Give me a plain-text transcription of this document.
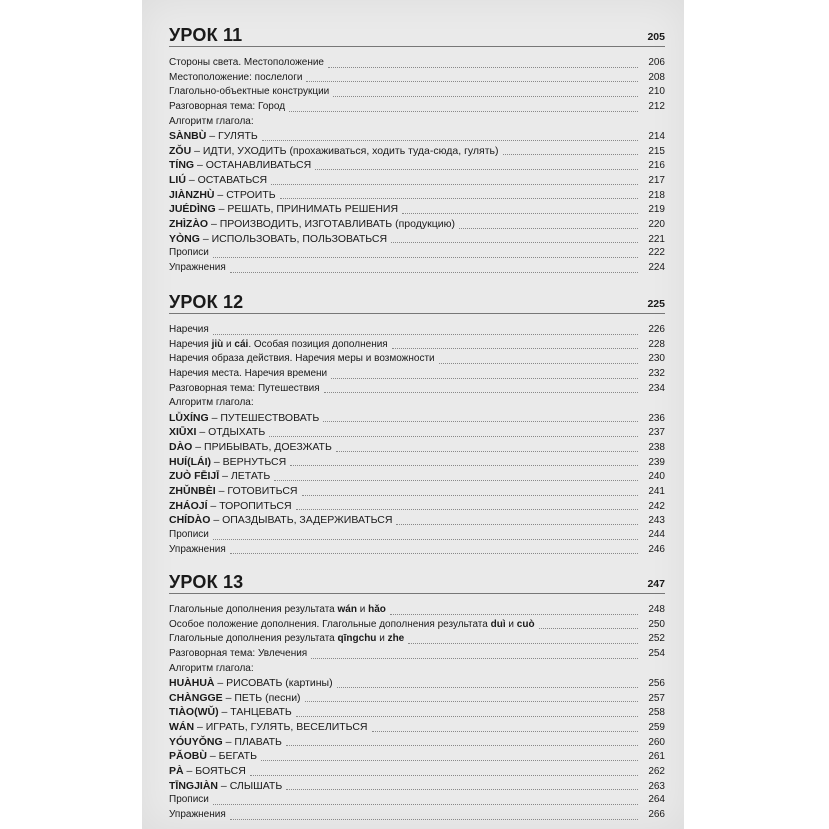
УРОК 11	205
Стороны света. Местоположение	206
Местоположение: послелоги	208
Глагольно-объектные конструкции	210
Разговорная тема: Город	212
Алгоритм глагола:
SÀNBÙ – ГУЛЯТЬ	214
ZǑU – ИДТИ, УХОДИТЬ (прохаживаться, ходить туда-сюда, гулять)	215
TÍNG – ОСТАНАВЛИВАТЬСЯ	216
LIÚ – ОСТАВАТЬСЯ	217
JIÀNZHÙ – СТРОИТЬ	218
JUÉDÌNG – РЕШАТЬ, ПРИНИМАТЬ РЕШЕНИЯ	219
ZHÌZÀO – ПРОИЗВОДИТЬ, ИЗГОТАВЛИВАТЬ (продукцию)	220
YÒNG – ИСПОЛЬЗОВАТЬ, ПОЛЬЗОВАТЬСЯ	221
Прописи	222
Упражнения	224
УРОК 12	225
Наречия	226
Наречия jiù и cái. Особая позиция дополнения	228
Наречия образа действия. Наречия меры и возможности	230
Наречия места. Наречия времени	232
Разговорная тема: Путешествия	234
Алгоритм глагола:
LǙXÍNG – ПУТЕШЕСТВОВАТЬ	236
XIŪXI – ОТДЫХАТЬ	237
DÀO – ПРИБЫВАТЬ, ДОЕЗЖАТЬ	238
HUÍ(LÁI) – ВЕРНУТЬСЯ	239
ZUÒ FĒIJĪ – ЛЕТАТЬ	240
ZHǓNBÈI – ГОТОВИТЬСЯ	241
ZHÁOJÍ – ТОРОПИТЬСЯ	242
CHÍDÀO – ОПАЗДЫВАТЬ, ЗАДЕРЖИВАТЬСЯ	243
Прописи	244
Упражнения	246
УРОК 13	247
Глагольные дополнения результата wán и hǎo	248
Особое положение дополнения. Глагольные дополнения результата duì и cuò	250
Глагольные дополнения результата qīngchu и zhe	252
Разговорная тема: Увлечения	254
Алгоритм глагола:
HUÀHUÀ – РИСОВАТЬ (картины)	256
CHÀNGGE – ПЕТЬ (песни)	257
TIÀO(WǓ) – ТАНЦЕВАТЬ	258
WÁN – ИГРАТЬ, ГУЛЯТЬ, ВЕСЕЛИТЬСЯ	259
YÓUYǑNG – ПЛАВАТЬ	260
PǍOBÙ – БЕГАТЬ	261
PÀ – БОЯТЬСЯ	262
TĪNGJIÀN – СЛЫШАТЬ	263
Прописи	264
Упражнения	266
